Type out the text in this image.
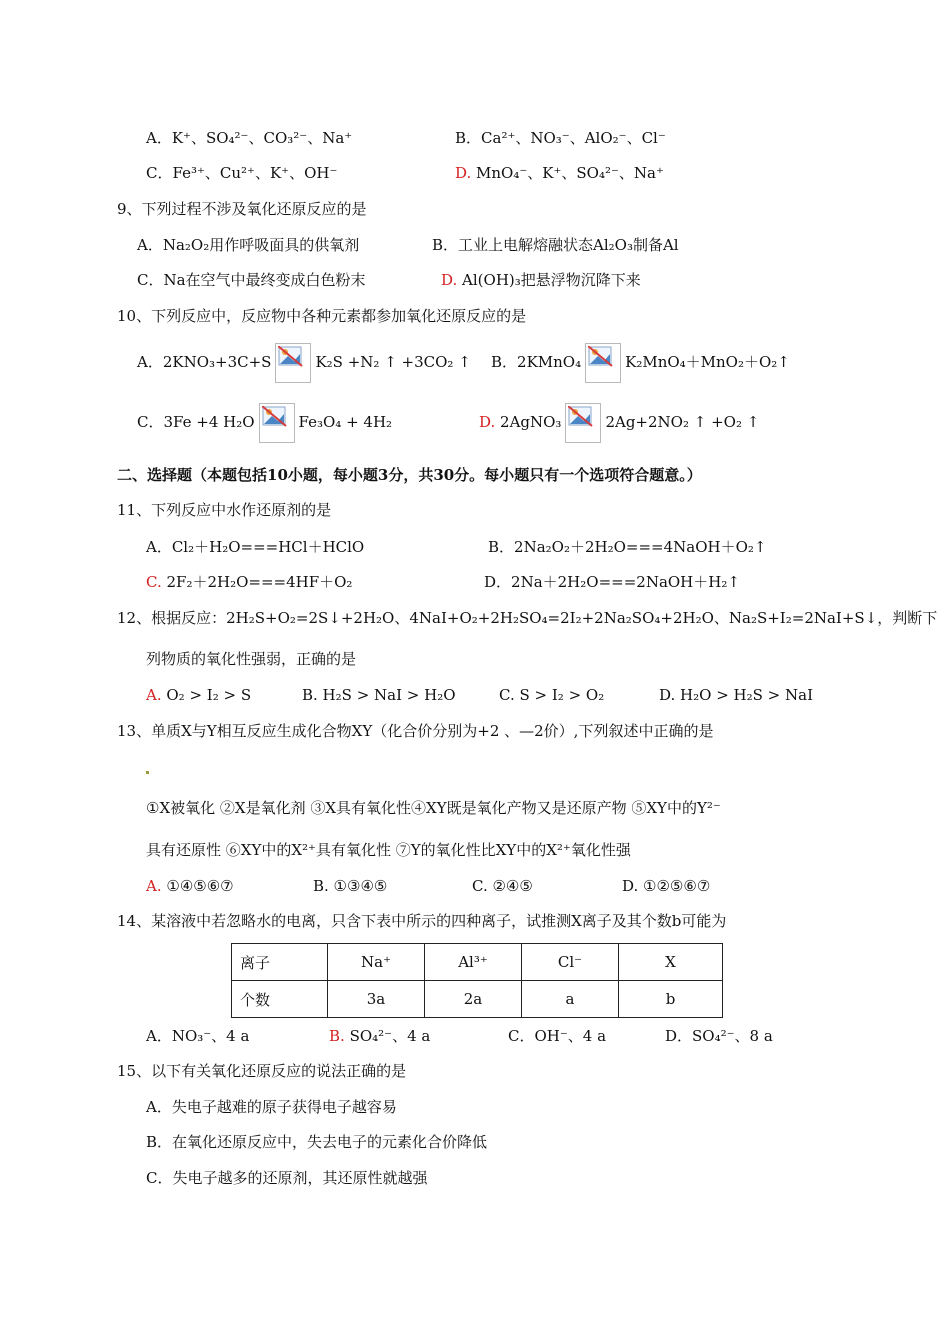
A．K⁺、SO₄²⁻、CO₃²⁻、Na⁺	B．Ca²⁺、NO₃⁻、AlO₂⁻、Cl⁻
C．Fe³⁺、Cu²⁺、K⁺、OH⁻	D. MnO₄⁻、K⁺、SO₄²⁻、Na⁺
9、下列过程不涉及氧化还原反应的是
A．Na₂O₂用作呼吸面具的供氧剂	B．工业上电解熔融状态Al₂O₃制备Al
C．Na在空气中最终变成白色粉末	D. Al(OH)₃把悬浮物沉降下来
10、下列反应中，反应物中各种元素都参加氧化还原反应的是
A．2KNO₃+3C+S	K₂S +N₂ ↑ +3CO₂ ↑ B．2KMnO₄	K₂MnO₄＋MnO₂＋O₂↑
C．3Fe +4 H₂O	Fe₃O₄ + 4H₂	D. 2AgNO₃	2Ag+2NO₂ ↑ +O₂ ↑
二、选择题（本题包括10小题，每小题3分，共30分。每小题只有一个选项符合题意。）
11、下列反应中水作还原剂的是
A．Cl₂＋H₂O===HCl＋HClO	B．2Na₂O₂＋2H₂O===4NaOH＋O₂↑
C. 2F₂＋2H₂O===4HF＋O₂	D．2Na＋2H₂O===2NaOH＋H₂↑
12、根据反应：2H₂S+O₂=2S↓+2H₂O、4NaI+O₂+2H₂SO₄=2I₂+2Na₂SO₄+2H₂O、Na₂S+I₂=2NaI+S↓，判断下
列物质的氧化性强弱，正确的是
A. O₂ > I₂ > S	B. H₂S > NaI > H₂O	C. S > I₂ > O₂	D. H₂O > H₂S > NaI
13、单质X与Y相互反应生成化合物XY（化合价分别为+2 、—2价）,下列叙述中正确的是
①X被氧化 ②X是氧化剂 ③X具有氧化性④XY既是氧化产物又是还原产物 ⑤XY中的Y²⁻
具有还原性 ⑥XY中的X²⁺具有氧化性 ⑦Y的氧化性比XY中的X²⁺氧化性强
A. ①④⑤⑥⑦	B. ①③④⑤	C. ②④⑤	D. ①②⑤⑥⑦
14、某溶液中若忽略水的电离，只含下表中所示的四种离子，试推测X离子及其个数b可能为
离子	Na⁺	Al³⁺	Cl⁻	X
个数	3a	2a	a	b
A．NO₃⁻、4 a	B. SO₄²⁻、4 a	C．OH⁻、4 a	D．SO₄²⁻、8 a
15、以下有关氧化还原反应的说法正确的是
A．失电子越难的原子获得电子越容易
B．在氧化还原反应中，失去电子的元素化合价降低
C．失电子越多的还原剂，其还原性就越强
